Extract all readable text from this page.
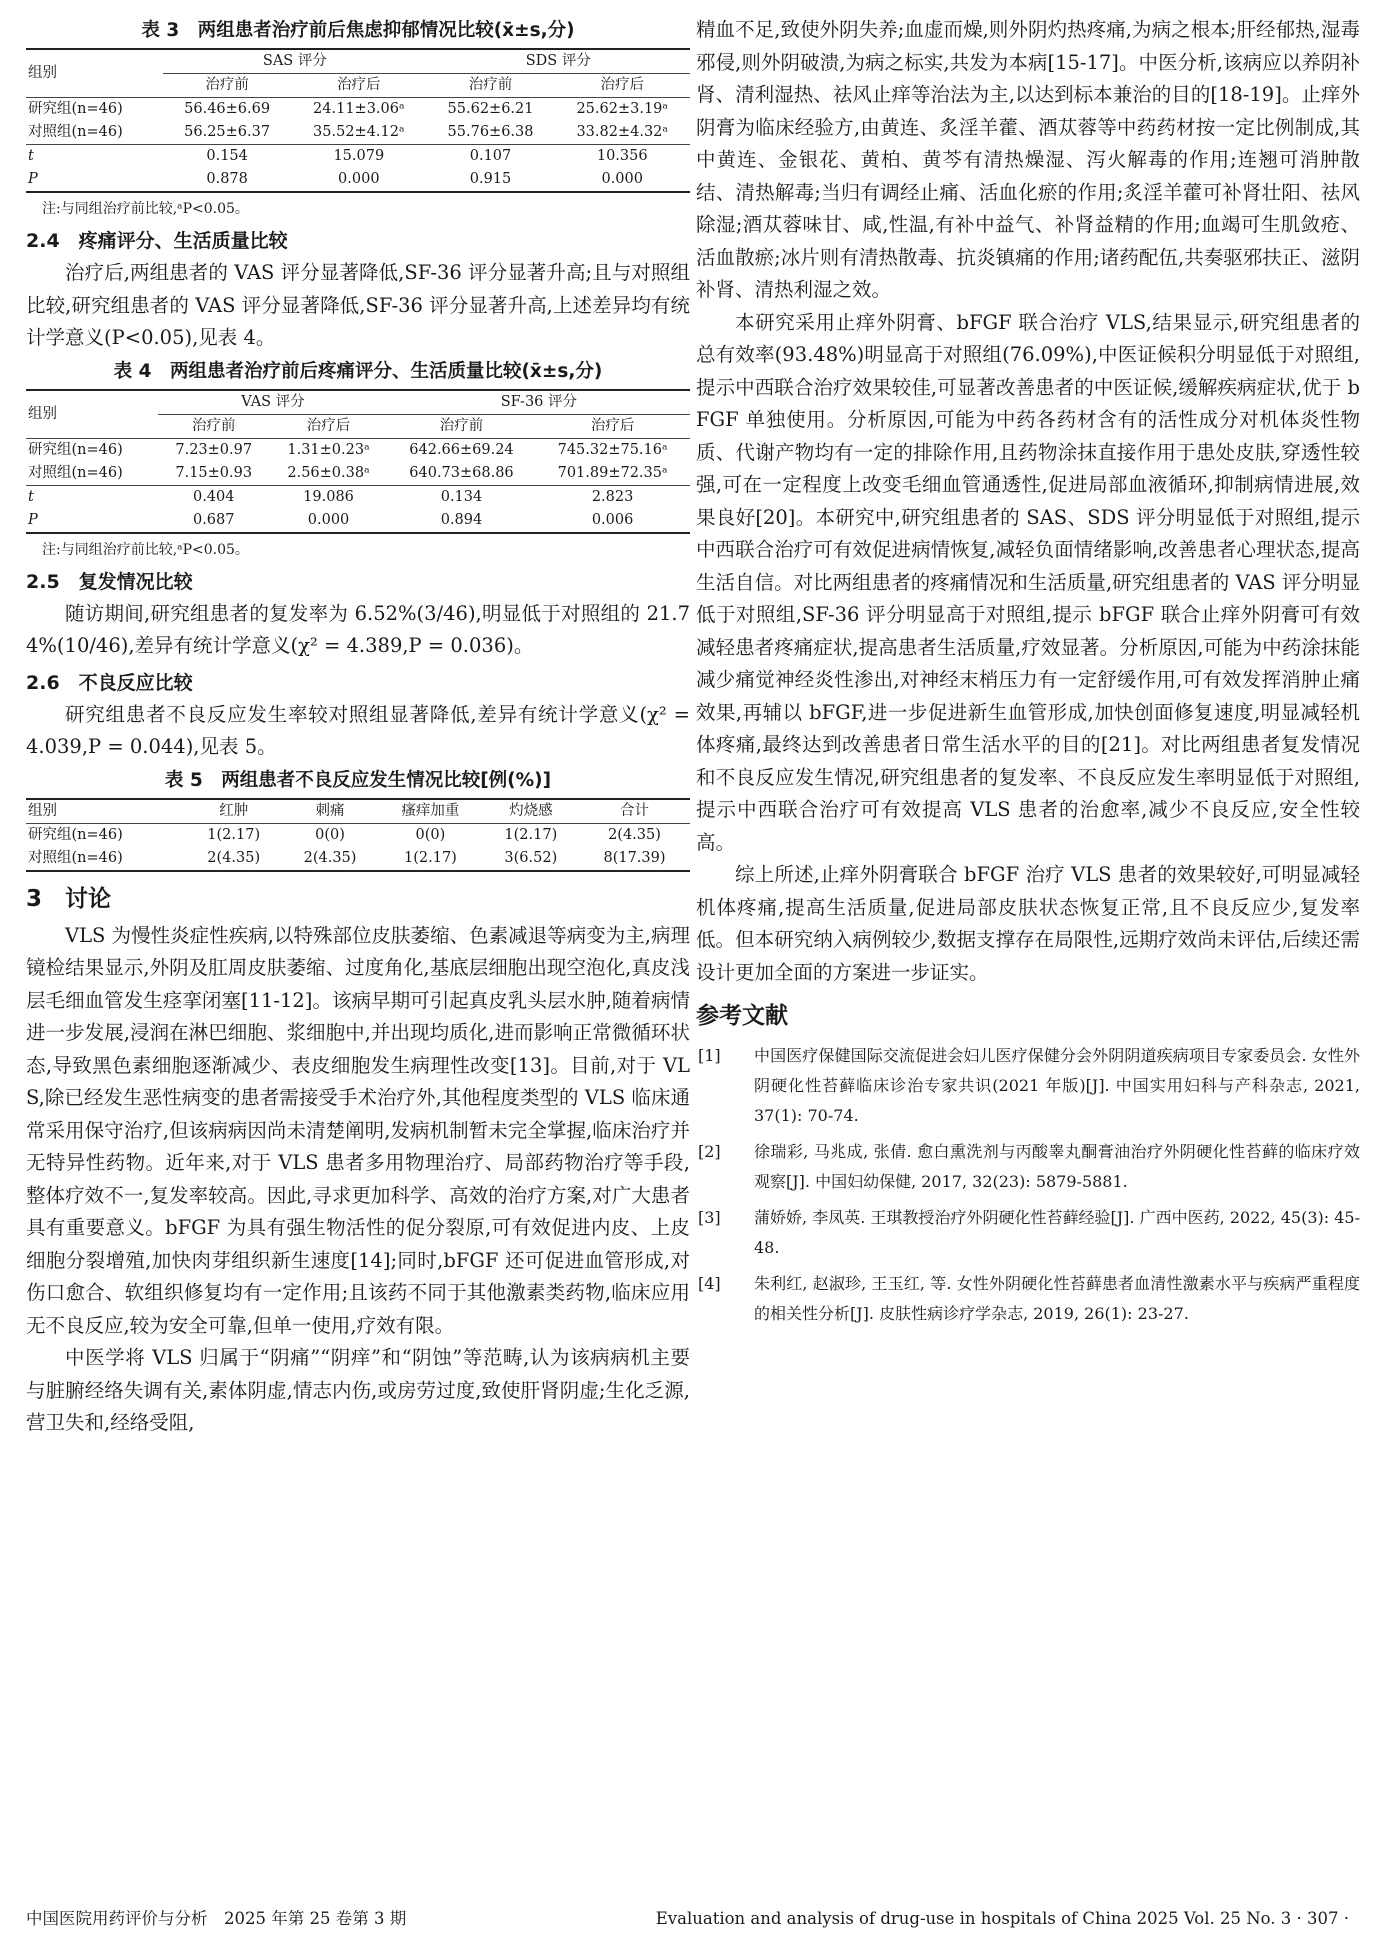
表 3　两组患者治疗前后焦虑抑郁情况比较(x̄±s,分)
组别	SAS 评分		SDS 评分	
	治疗前	治疗后	治疗前	治疗后
研究组(n=46)	56.46±6.69	24.11±3.06ᵃ	55.62±6.21	25.62±3.19ᵃ
对照组(n=46)	56.25±6.37	35.52±4.12ᵃ	55.76±6.38	33.82±4.32ᵃ
t	0.154	15.079	0.107	10.356
P	0.878	0.000	0.915	0.000
注:与同组治疗前比较,ᵃP<0.05。
2.4　疼痛评分、生活质量比较

治疗后,两组患者的 VAS 评分显著降低,SF-36 评分显著升高;且与对照组比较,研究组患者的 VAS 评分显著降低,SF-36 评分显著升高,上述差异均有统计学意义(P<0.05),见表 4。

表 4　两组患者治疗前后疼痛评分、生活质量比较(x̄±s,分)
组别	VAS 评分		SF-36 评分	
	治疗前	治疗后	治疗前	治疗后
研究组(n=46)	7.23±0.97	1.31±0.23ᵃ	642.66±69.24	745.32±75.16ᵃ
对照组(n=46)	7.15±0.93	2.56±0.38ᵃ	640.73±68.86	701.89±72.35ᵃ
t	0.404	19.086	0.134	2.823
P	0.687	0.000	0.894	0.006
注:与同组治疗前比较,ᵃP<0.05。
2.5　复发情况比较

随访期间,研究组患者的复发率为 6.52%(3/46),明显低于对照组的 21.74%(10/46),差异有统计学意义(χ² = 4.389,P = 0.036)。

2.6　不良反应比较

研究组患者不良反应发生率较对照组显著降低,差异有统计学意义(χ² = 4.039,P = 0.044),见表 5。

表 5　两组患者不良反应发生情况比较[例(%)]
组别	红肿	刺痛	瘙痒加重	灼烧感	合计
研究组(n=46)	1(2.17)	0(0)	0(0)	1(2.17)	2(4.35)
对照组(n=46)	2(4.35)	2(4.35)	1(2.17)	3(6.52)	8(17.39)
3　讨论

VLS 为慢性炎症性疾病,以特殊部位皮肤萎缩、色素减退等病变为主,病理镜检结果显示,外阴及肛周皮肤萎缩、过度角化,基底层细胞出现空泡化,真皮浅层毛细血管发生痉挛闭塞[11-12]。该病早期可引起真皮乳头层水肿,随着病情进一步发展,浸润在淋巴细胞、浆细胞中,并出现均质化,进而影响正常微循环状态,导致黑色素细胞逐渐减少、表皮细胞发生病理性改变[13]。目前,对于 VLS,除已经发生恶性病变的患者需接受手术治疗外,其他程度类型的 VLS 临床通常采用保守治疗,但该病病因尚未清楚阐明,发病机制暂未完全掌握,临床治疗并无特异性药物。近年来,对于 VLS 患者多用物理治疗、局部药物治疗等手段,整体疗效不一,复发率较高。因此,寻求更加科学、高效的治疗方案,对广大患者具有重要意义。bFGF 为具有强生物活性的促分裂原,可有效促进内皮、上皮细胞分裂增殖,加快肉芽组织新生速度[14];同时,bFGF 还可促进血管形成,对伤口愈合、软组织修复均有一定作用;且该药不同于其他激素类药物,临床应用无不良反应,较为安全可靠,但单一使用,疗效有限。

中医学将 VLS 归属于“阴痛”“阴痒”和“阴蚀”等范畴,认为该病病机主要与脏腑经络失调有关,素体阴虚,情志内伤,或房劳过度,致使肝肾阴虚;生化乏源,营卫失和,经络受阻,

精血不足,致使外阴失养;血虚而燥,则外阴灼热疼痛,为病之根本;肝经郁热,湿毒邪侵,则外阴破溃,为病之标实,共发为本病[15-17]。中医分析,该病应以养阴补肾、清利湿热、祛风止痒等治法为主,以达到标本兼治的目的[18-19]。止痒外阴膏为临床经验方,由黄连、炙淫羊藿、酒苁蓉等中药药材按一定比例制成,其中黄连、金银花、黄柏、黄芩有清热燥湿、泻火解毒的作用;连翘可消肿散结、清热解毒;当归有调经止痛、活血化瘀的作用;炙淫羊藿可补肾壮阳、祛风除湿;酒苁蓉味甘、咸,性温,有补中益气、补肾益精的作用;血竭可生肌敛疮、活血散瘀;冰片则有清热散毒、抗炎镇痛的作用;诸药配伍,共奏驱邪扶正、滋阴补肾、清热利湿之效。

本研究采用止痒外阴膏、bFGF 联合治疗 VLS,结果显示,研究组患者的总有效率(93.48%)明显高于对照组(76.09%),中医证候积分明显低于对照组,提示中西联合治疗效果较佳,可显著改善患者的中医证候,缓解疾病症状,优于 bFGF 单独使用。分析原因,可能为中药各药材含有的活性成分对机体炎性物质、代谢产物均有一定的排除作用,且药物涂抹直接作用于患处皮肤,穿透性较强,可在一定程度上改变毛细血管通透性,促进局部血液循环,抑制病情进展,效果良好[20]。本研究中,研究组患者的 SAS、SDS 评分明显低于对照组,提示中西联合治疗可有效促进病情恢复,减轻负面情绪影响,改善患者心理状态,提高生活自信。对比两组患者的疼痛情况和生活质量,研究组患者的 VAS 评分明显低于对照组,SF-36 评分明显高于对照组,提示 bFGF 联合止痒外阴膏可有效减轻患者疼痛症状,提高患者生活质量,疗效显著。分析原因,可能为中药涂抹能减少痛觉神经炎性渗出,对神经末梢压力有一定舒缓作用,可有效发挥消肿止痛效果,再辅以 bFGF,进一步促进新生血管形成,加快创面修复速度,明显减轻机体疼痛,最终达到改善患者日常生活水平的目的[21]。对比两组患者复发情况和不良反应发生情况,研究组患者的复发率、不良反应发生率明显低于对照组,提示中西联合治疗可有效提高 VLS 患者的治愈率,减少不良反应,安全性较高。

综上所述,止痒外阴膏联合 bFGF 治疗 VLS 患者的效果较好,可明显减轻机体疼痛,提高生活质量,促进局部皮肤状态恢复正常,且不良反应少,复发率低。但本研究纳入病例较少,数据支撑存在局限性,远期疗效尚未评估,后续还需设计更加全面的方案进一步证实。

参考文献
[1]	中国医疗保健国际交流促进会妇儿医疗保健分会外阴阴道疾病项目专家委员会. 女性外阴硬化性苔藓临床诊治专家共识(2021 年版)[J]. 中国实用妇科与产科杂志, 2021, 37(1): 70-74.
[2]	徐瑞彩, 马兆成, 张倩. 愈白熏洗剂与丙酸睾丸酮膏油治疗外阴硬化性苔藓的临床疗效观察[J]. 中国妇幼保健, 2017, 32(23): 5879-5881.
[3]	蒲娇娇, 李凤英. 王琪教授治疗外阴硬化性苔藓经验[J]. 广西中医药, 2022, 45(3): 45-48.
[4]	朱利红, 赵淑珍, 王玉红, 等. 女性外阴硬化性苔藓患者血清性激素水平与疾病严重程度的相关性分析[J]. 皮肤性病诊疗学杂志, 2019, 26(1): 23-27.
中国医院用药评价与分析　2025 年第 25 卷第 3 期	Evaluation and analysis of drug-use in hospitals of China 2025 Vol. 25 No. 3 · 307 ·
